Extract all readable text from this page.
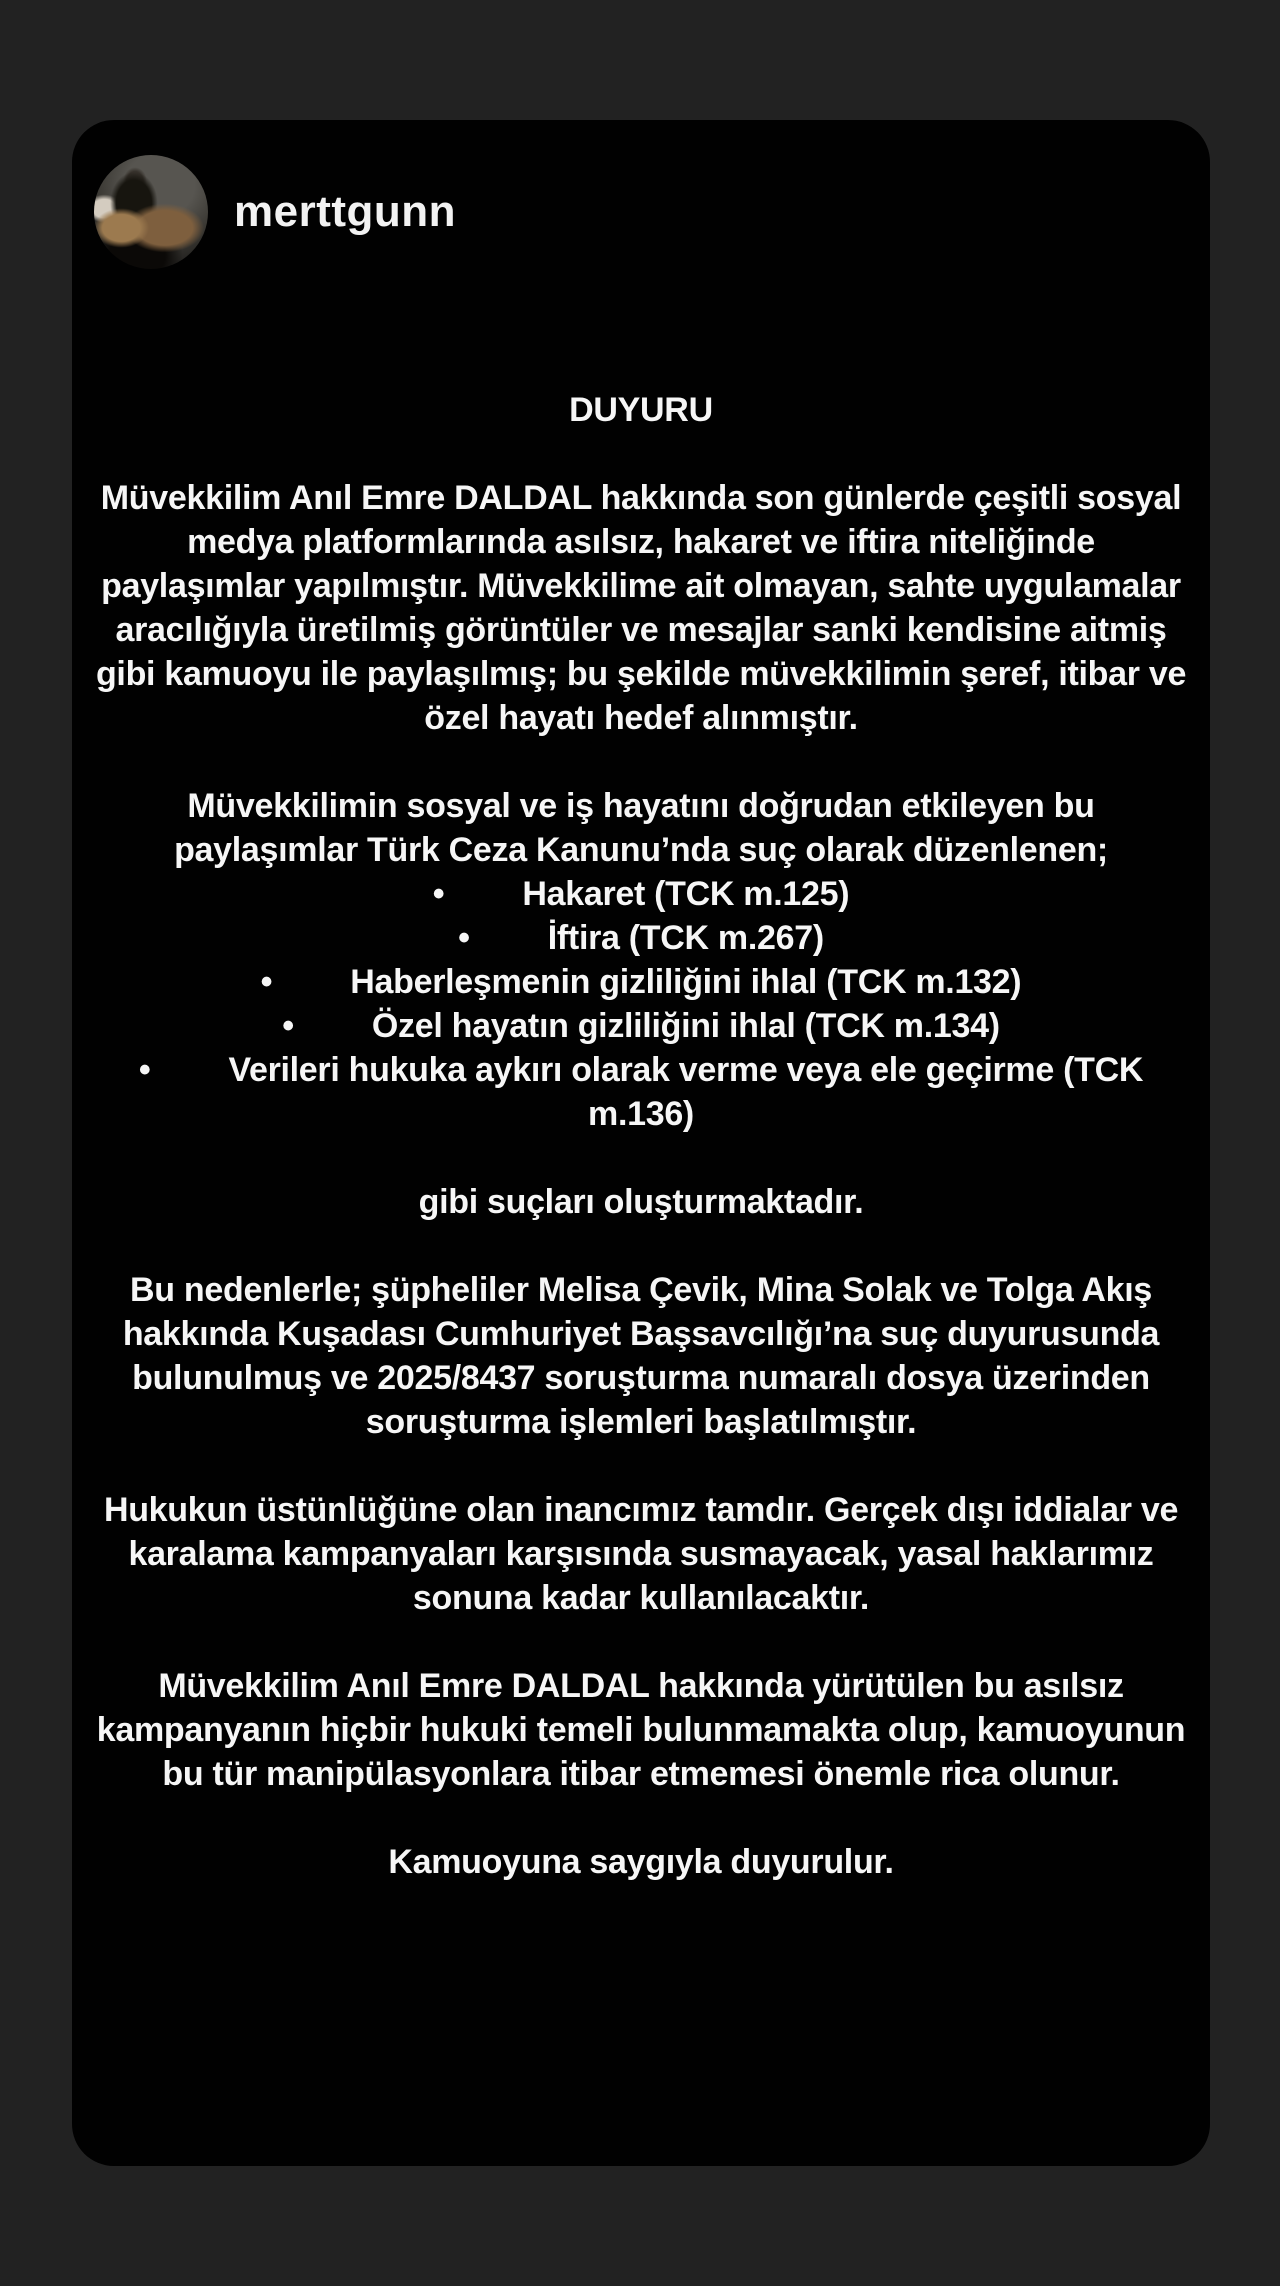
merttgunn
DUYURU
Müvekkilim Anıl Emre DALDAL hakkında son günlerde çeşitli sosyal medya platformlarında asılsız, hakaret ve iftira niteliğinde paylaşımlar yapılmıştır. Müvekkilime ait olmayan, sahte uygulamalar aracılığıyla üretilmiş görüntüler ve mesajlar sanki kendisine aitmiş gibi kamuoyu ile paylaşılmış; bu şekilde müvekkilimin şeref, itibar ve özel hayatı hedef alınmıştır.
Müvekkilimin sosyal ve iş hayatını doğrudan etkileyen bu paylaşımlar Türk Ceza Kanunu’nda suç olarak düzenlenen;
• Hakaret (TCK m.125)
• İftira (TCK m.267)
• Haberleşmenin gizliliğini ihlal (TCK m.132)
• Özel hayatın gizliliğini ihlal (TCK m.134)
• Verileri hukuka aykırı olarak verme veya ele geçirme (TCK m.136)
gibi suçları oluşturmaktadır.
Bu nedenlerle; şüpheliler Melisa Çevik, Mina Solak ve Tolga Akış hakkında Kuşadası Cumhuriyet Başsavcılığı’na suç duyurusunda bulunulmuş ve 2025/8437 soruşturma numaralı dosya üzerinden soruşturma işlemleri başlatılmıştır.
Hukukun üstünlüğüne olan inancımız tamdır. Gerçek dışı iddialar ve karalama kampanyaları karşısında susmayacak, yasal haklarımız sonuna kadar kullanılacaktır.
Müvekkilim Anıl Emre DALDAL hakkında yürütülen bu asılsız kampanyanın hiçbir hukuki temeli bulunmamakta olup, kamuoyunun bu tür manipülasyonlara itibar etmemesi önemle rica olunur.
Kamuoyuna saygıyla duyurulur.
